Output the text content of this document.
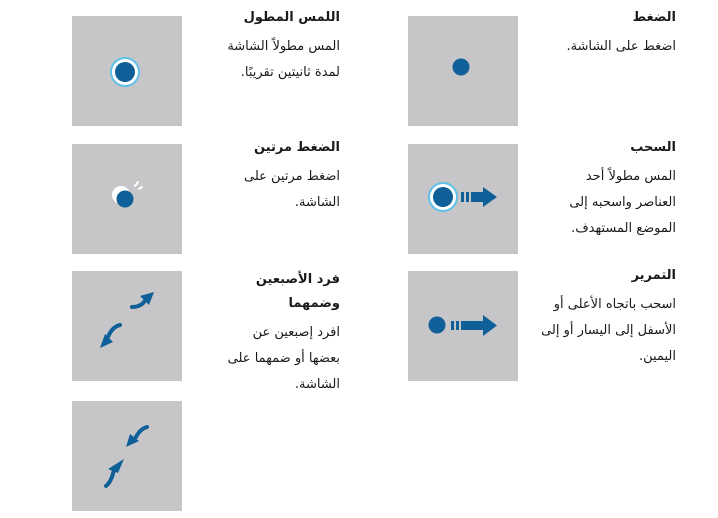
الضغط
اضغط على الشاشة.
السحب
المس مطولاً أحد
العناصر واسحبه إلى
الموضع المستهدف.
التمرير
اسحب باتجاه الأعلى أو
الأسفل إلى اليسار أو إلى
اليمين.
اللمس المطول
المس مطولاً الشاشة
لمدة ثانيتين تقريبًا.
الضغط مرتين
اضغط مرتين على
الشاشة.
فرد الأصبعين
وضمهما
افرد إصبعين عن
بعضها أو ضمهما على
الشاشة.
